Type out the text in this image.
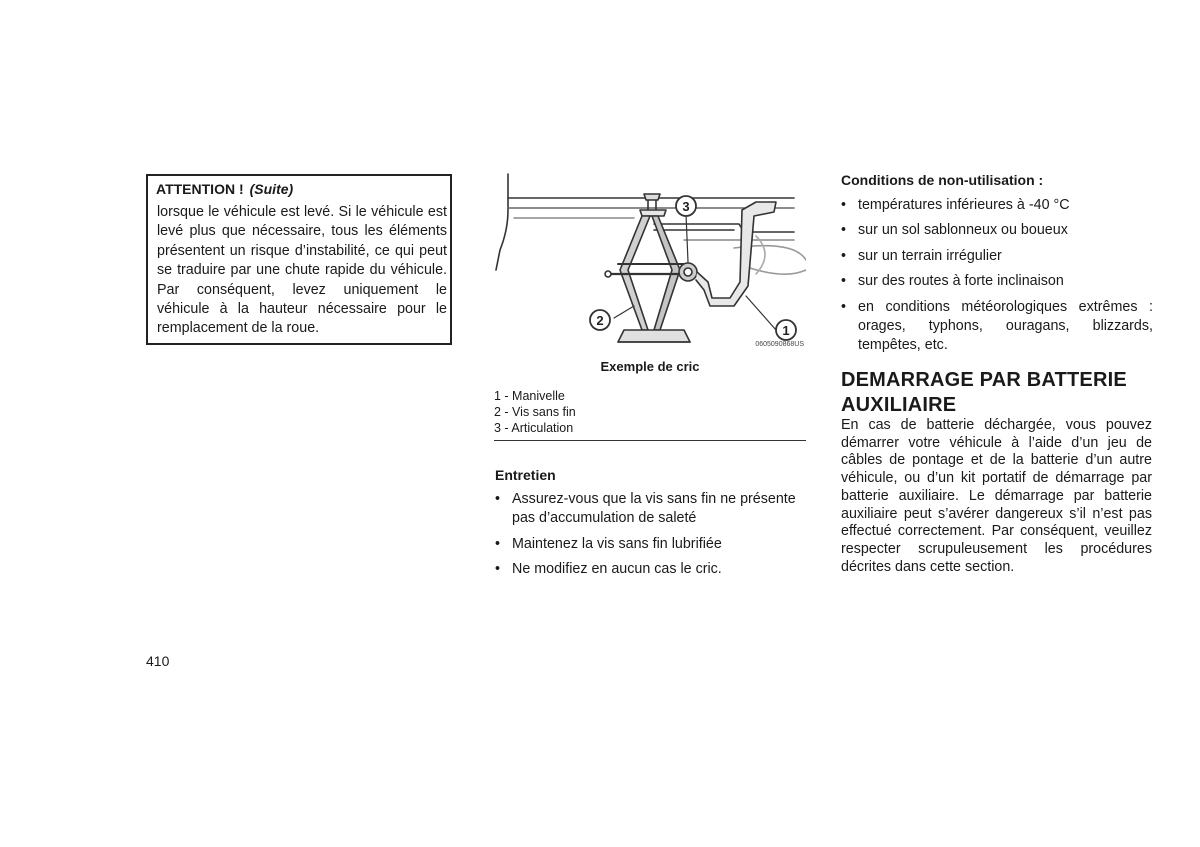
ATTENTION ! (Suite)
lorsque le véhicule est levé. Si le véhicule est levé plus que nécessaire, tous les éléments présentent un risque d’instabilité, ce qui peut se traduire par une chute rapide du véhicule. Par conséquent, levez uniquement le véhicule à la hauteur nécessaire pour le remplacement de la roue.
3
2
1
0605090868US
Exemple de cric
1 - Manivelle
2 - Vis sans fin
3 - Articulation
Entretien
• Assurez-vous que la vis sans fin ne présente pas d’accumulation de saleté
• Maintenez la vis sans fin lubrifiée
• Ne modifiez en aucun cas le cric.
Conditions de non-utilisation :
• températures inférieures à -40 °C
• sur un sol sablonneux ou boueux
• sur un terrain irrégulier
• sur des routes à forte inclinaison
• en conditions météorologiques extrêmes : orages, typhons, ouragans, blizzards, tempêtes, etc.
DEMARRAGE PAR BATTERIE
AUXILIAIRE
En cas de batterie déchargée, vous pouvez démarrer votre véhicule à l’aide d’un jeu de câbles de pontage et de la batterie d’un autre véhicule, ou d’un kit portatif de démarrage par batterie auxiliaire. Le démarrage par batterie auxiliaire peut s’avérer dangereux s’il n’est pas effectué correctement. Par conséquent, veuillez respecter scrupuleusement les procédures décrites dans cette section.
410
